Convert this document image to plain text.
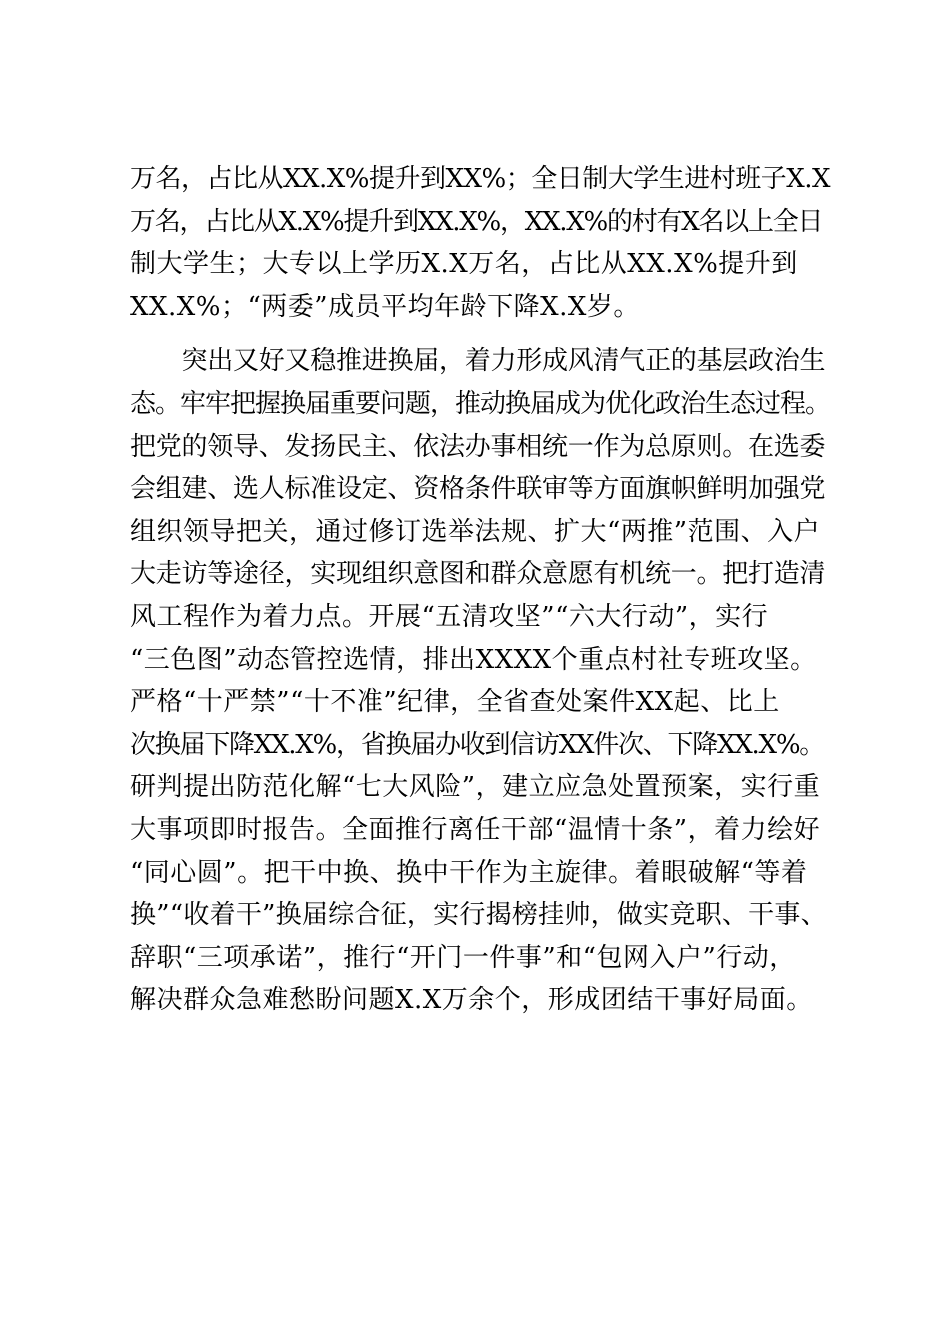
万名，占比从XX.X%提升到XX%；全日制大学生进村班子X.X
万名，占比从X.X%提升到XX.X%，XX.X%的村有X名以上全日
制大学生；大专以上学历X.X万名，占比从XX.X%提升到
XX.X%；“两委”成员平均年龄下降X.X岁。
　　突出又好又稳推进换届，着力形成风清气正的基层政治生
态。牢牢把握换届重要问题，推动换届成为优化政治生态过程。
把党的领导、发扬民主、依法办事相统一作为总原则。在选委
会组建、选人标准设定、资格条件联审等方面旗帜鲜明加强党
组织领导把关，通过修订选举法规、扩大“两推”范围、入户
大走访等途径，实现组织意图和群众意愿有机统一。把打造清
风工程作为着力点。开展“五清攻坚”“六大行动”，实行
“三色图”动态管控选情，排出XXXX个重点村社专班攻坚。
严格“十严禁”“十不准”纪律，全省查处案件XX起、比上
次换届下降XX.X%，省换届办收到信访XX件次、下降XX.X%。
研判提出防范化解“七大风险”，建立应急处置预案，实行重
大事项即时报告。全面推行离任干部“温情十条”，着力绘好
“同心圆”。把干中换、换中干作为主旋律。着眼破解“等着
换”“收着干”换届综合征，实行揭榜挂帅，做实竞职、干事、
辞职“三项承诺”，推行“开门一件事”和“包网入户”行动，
解决群众急难愁盼问题X.X万余个，形成团结干事好局面。
